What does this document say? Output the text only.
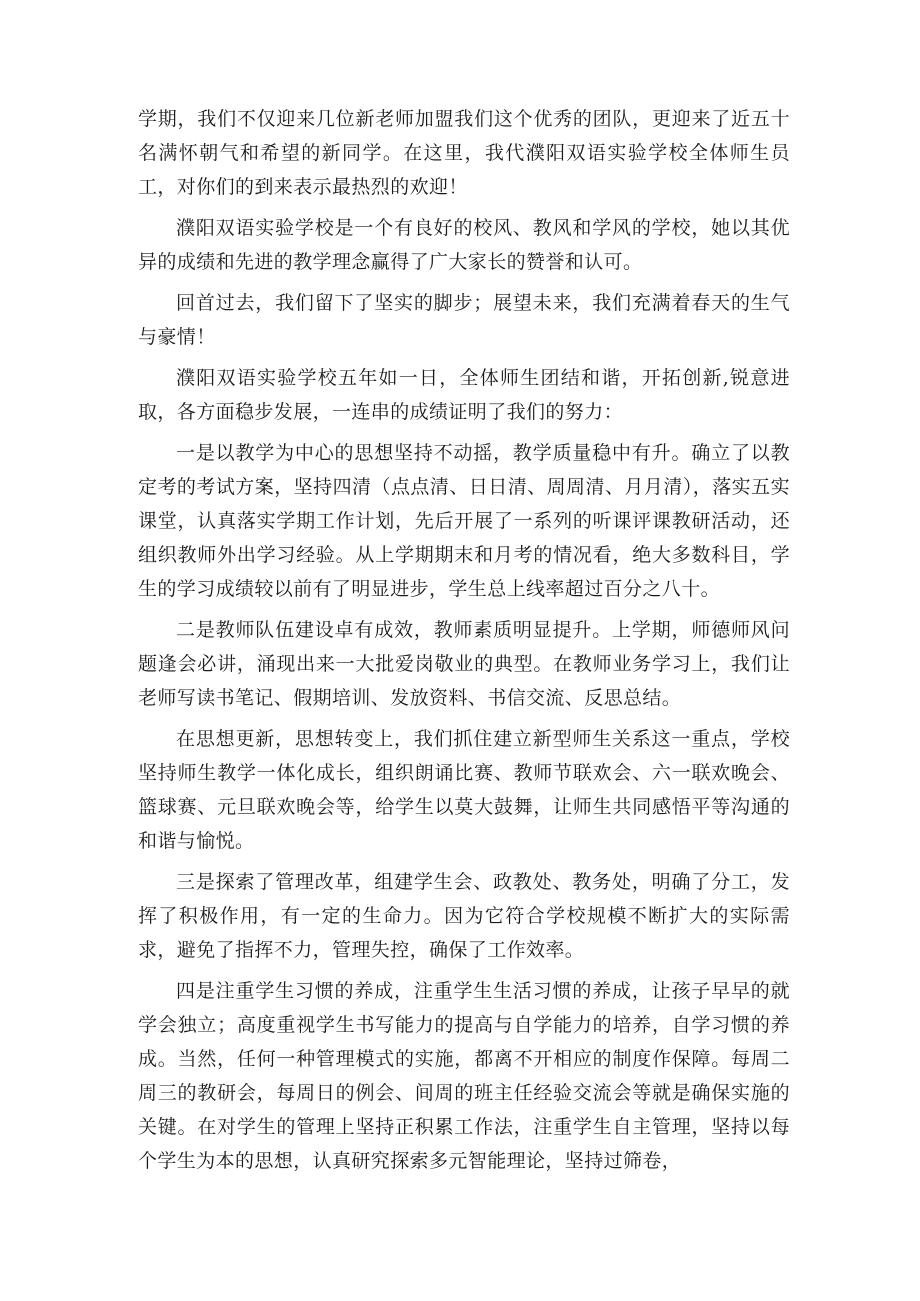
学期，我们不仅迎来几位新老师加盟我们这个优秀的团队，更迎来了近五十名满怀朝气和希望的新同学。在这里，我代濮阳双语实验学校全体师生员工，对你们的到来表示最热烈的欢迎！

濮阳双语实验学校是一个有良好的校风、教风和学风的学校，她以其优异的成绩和先进的教学理念赢得了广大家长的赞誉和认可。

回首过去，我们留下了坚实的脚步；展望未来，我们充满着春天的生气与豪情！

濮阳双语实验学校五年如一日，全体师生团结和谐，开拓创新,锐意进取，各方面稳步发展，一连串的成绩证明了我们的努力：

一是以教学为中心的思想坚持不动摇，教学质量稳中有升。确立了以教定考的考试方案，坚持四清（点点清、日日清、周周清、月月清），落实五实课堂，认真落实学期工作计划，先后开展了一系列的听课评课教研活动，还组织教师外出学习经验。从上学期期末和月考的情况看，绝大多数科目，学生的学习成绩较以前有了明显进步，学生总上线率超过百分之八十。

二是教师队伍建设卓有成效，教师素质明显提升。上学期，师德师风问题逢会必讲，涌现出来一大批爱岗敬业的典型。在教师业务学习上，我们让老师写读书笔记、假期培训、发放资料、书信交流、反思总结。

在思想更新，思想转变上，我们抓住建立新型师生关系这一重点，学校坚持师生教学一体化成长，组织朗诵比赛、教师节联欢会、六一联欢晚会、篮球赛、元旦联欢晚会等，给学生以莫大鼓舞，让师生共同感悟平等沟通的和谐与愉悦。

三是探索了管理改革，组建学生会、政教处、教务处，明确了分工，发挥了积极作用，有一定的生命力。因为它符合学校规模不断扩大的实际需求，避免了指挥不力，管理失控，确保了工作效率。

四是注重学生习惯的养成，注重学生生活习惯的养成，让孩子早早的就学会独立；高度重视学生书写能力的提高与自学能力的培养，自学习惯的养成。当然，任何一种管理模式的实施，都离不开相应的制度作保障。每周二周三的教研会，每周日的例会、间周的班主任经验交流会等就是确保实施的关键。在对学生的管理上坚持正积累工作法，注重学生自主管理，坚持以每个学生为本的思想，认真研究探索多元智能理论，坚持过筛卷，
